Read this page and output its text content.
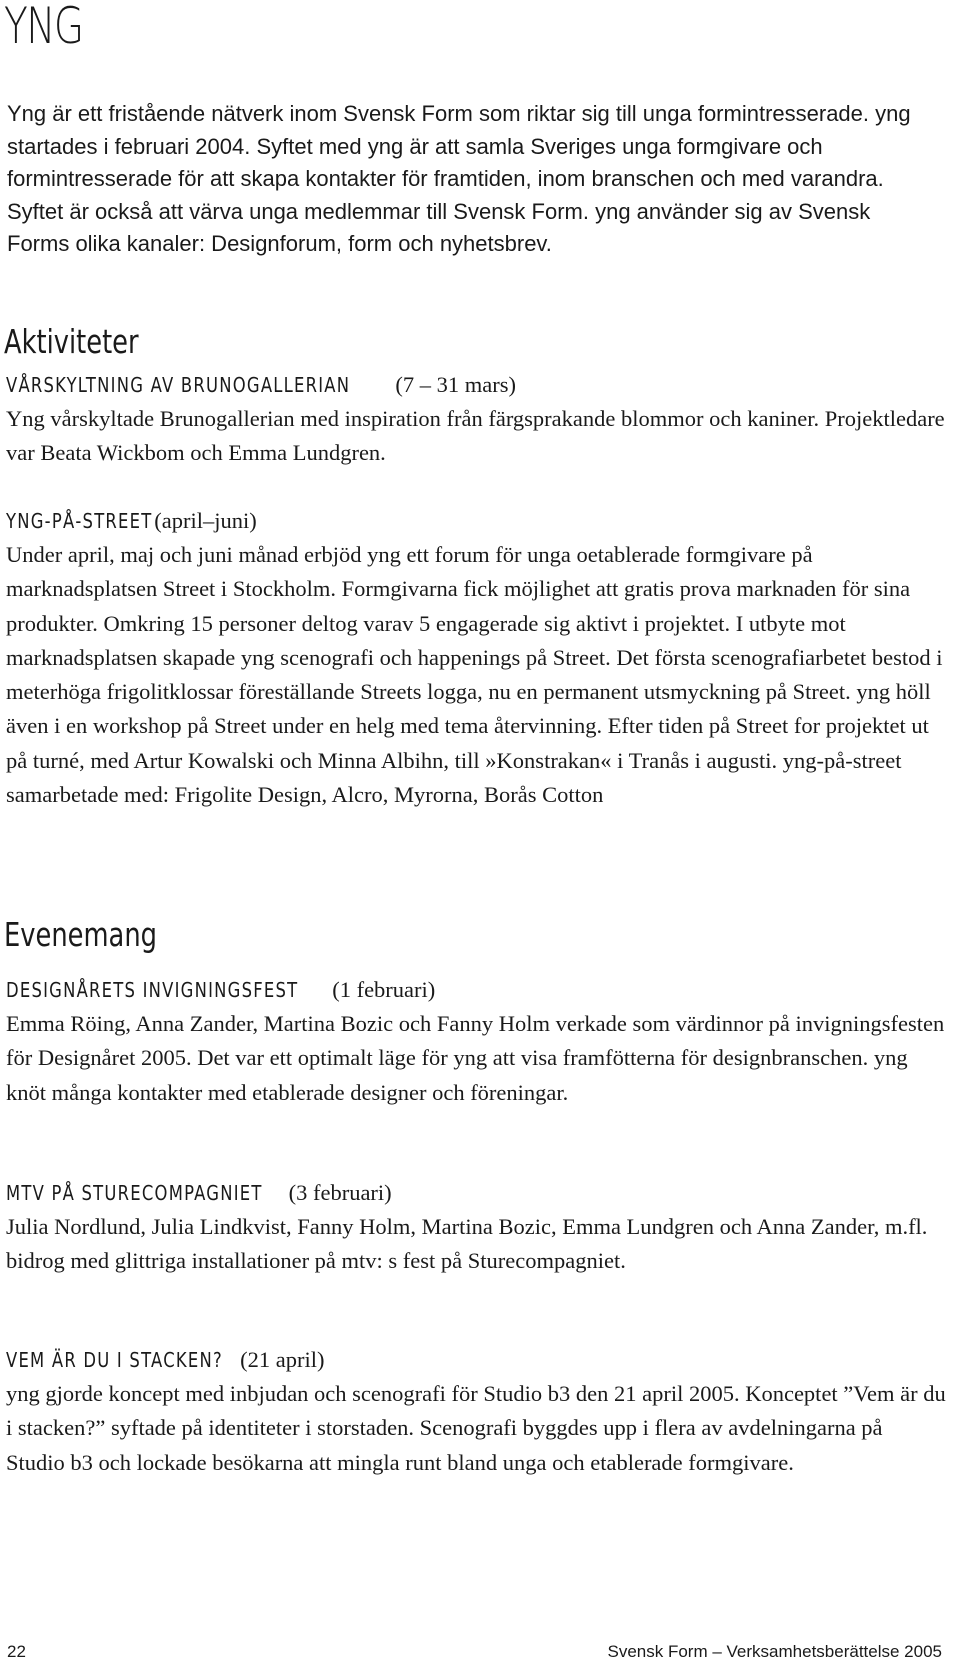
YNG

Yng är ett fristående nätverk inom Svensk Form som riktar sig till unga formintresserade. yng startades i februari 2004. Syftet med yng är att samla Sveriges unga formgivare och formintresserade för att skapa kontakter för framtiden, inom branschen och med varandra. Syftet är också att värva unga medlemmar till Svensk Form. yng använder sig av Svensk Forms olika kanaler: Designforum, form och nyhetsbrev.

Aktiviteter
VÅRSKYLTNING AV BRUNOGALLERIAN (7 – 31 mars)

Yng vårskyltade Brunogallerian med inspiration från färgsprakande blommor och kaniner. Projektledare var Beata Wickbom och Emma Lundgren.

YNG-PÅ-STREET (april–juni)

Under april, maj och juni månad erbjöd yng ett forum för unga oetablerade formgivare på marknadsplatsen Street i Stockholm. Formgivarna fick möjlighet att gratis prova marknaden för sina produkter. Omkring 15 personer deltog varav 5 engagerade sig aktivt i projektet. I utbyte mot marknadsplatsen skapade yng scenografi och happenings på Street. Det första scenografiarbetet bestod i meterhöga frigolitklossar föreställande Streets logga, nu en permanent utsmyckning på Street. yng höll även i en workshop på Street under en helg med tema återvinning. Efter tiden på Street for projektet ut på turné, med Artur Kowalski och Minna Albihn, till »Konstrakan« i Tranås i augusti. yng-på-street samarbetade med: Frigolite Design, Alcro, Myrorna, Borås Cotton

Evenemang
DESIGNÅRETS INVIGNINGSFEST (1 februari)

Emma Röing, Anna Zander, Martina Bozic och Fanny Holm verkade som värdinnor på invigningsfesten för Designåret 2005. Det var ett optimalt läge för yng att visa framfötterna för designbranschen. yng knöt många kontakter med etablerade designer och föreningar.

MTV PÅ STURECOMPAGNIET (3 februari)

Julia Nordlund, Julia Lindkvist, Fanny Holm, Martina Bozic, Emma Lundgren och Anna Zander, m.fl. bidrog med glittriga installationer på mtv: s fest på Sturecompagniet.

VEM ÄR DU I STACKEN? (21 april)

yng gjorde koncept med inbjudan och scenografi för Studio b3 den 21 april 2005. Konceptet ”Vem är du i stacken?” syftade på identiteter i storstaden. Scenografi byggdes upp i flera av avdelningarna på Studio b3 och lockade besökarna att mingla runt bland unga och etablerade formgivare.

22	Svensk Form – Verksamhetsberättelse 2005
